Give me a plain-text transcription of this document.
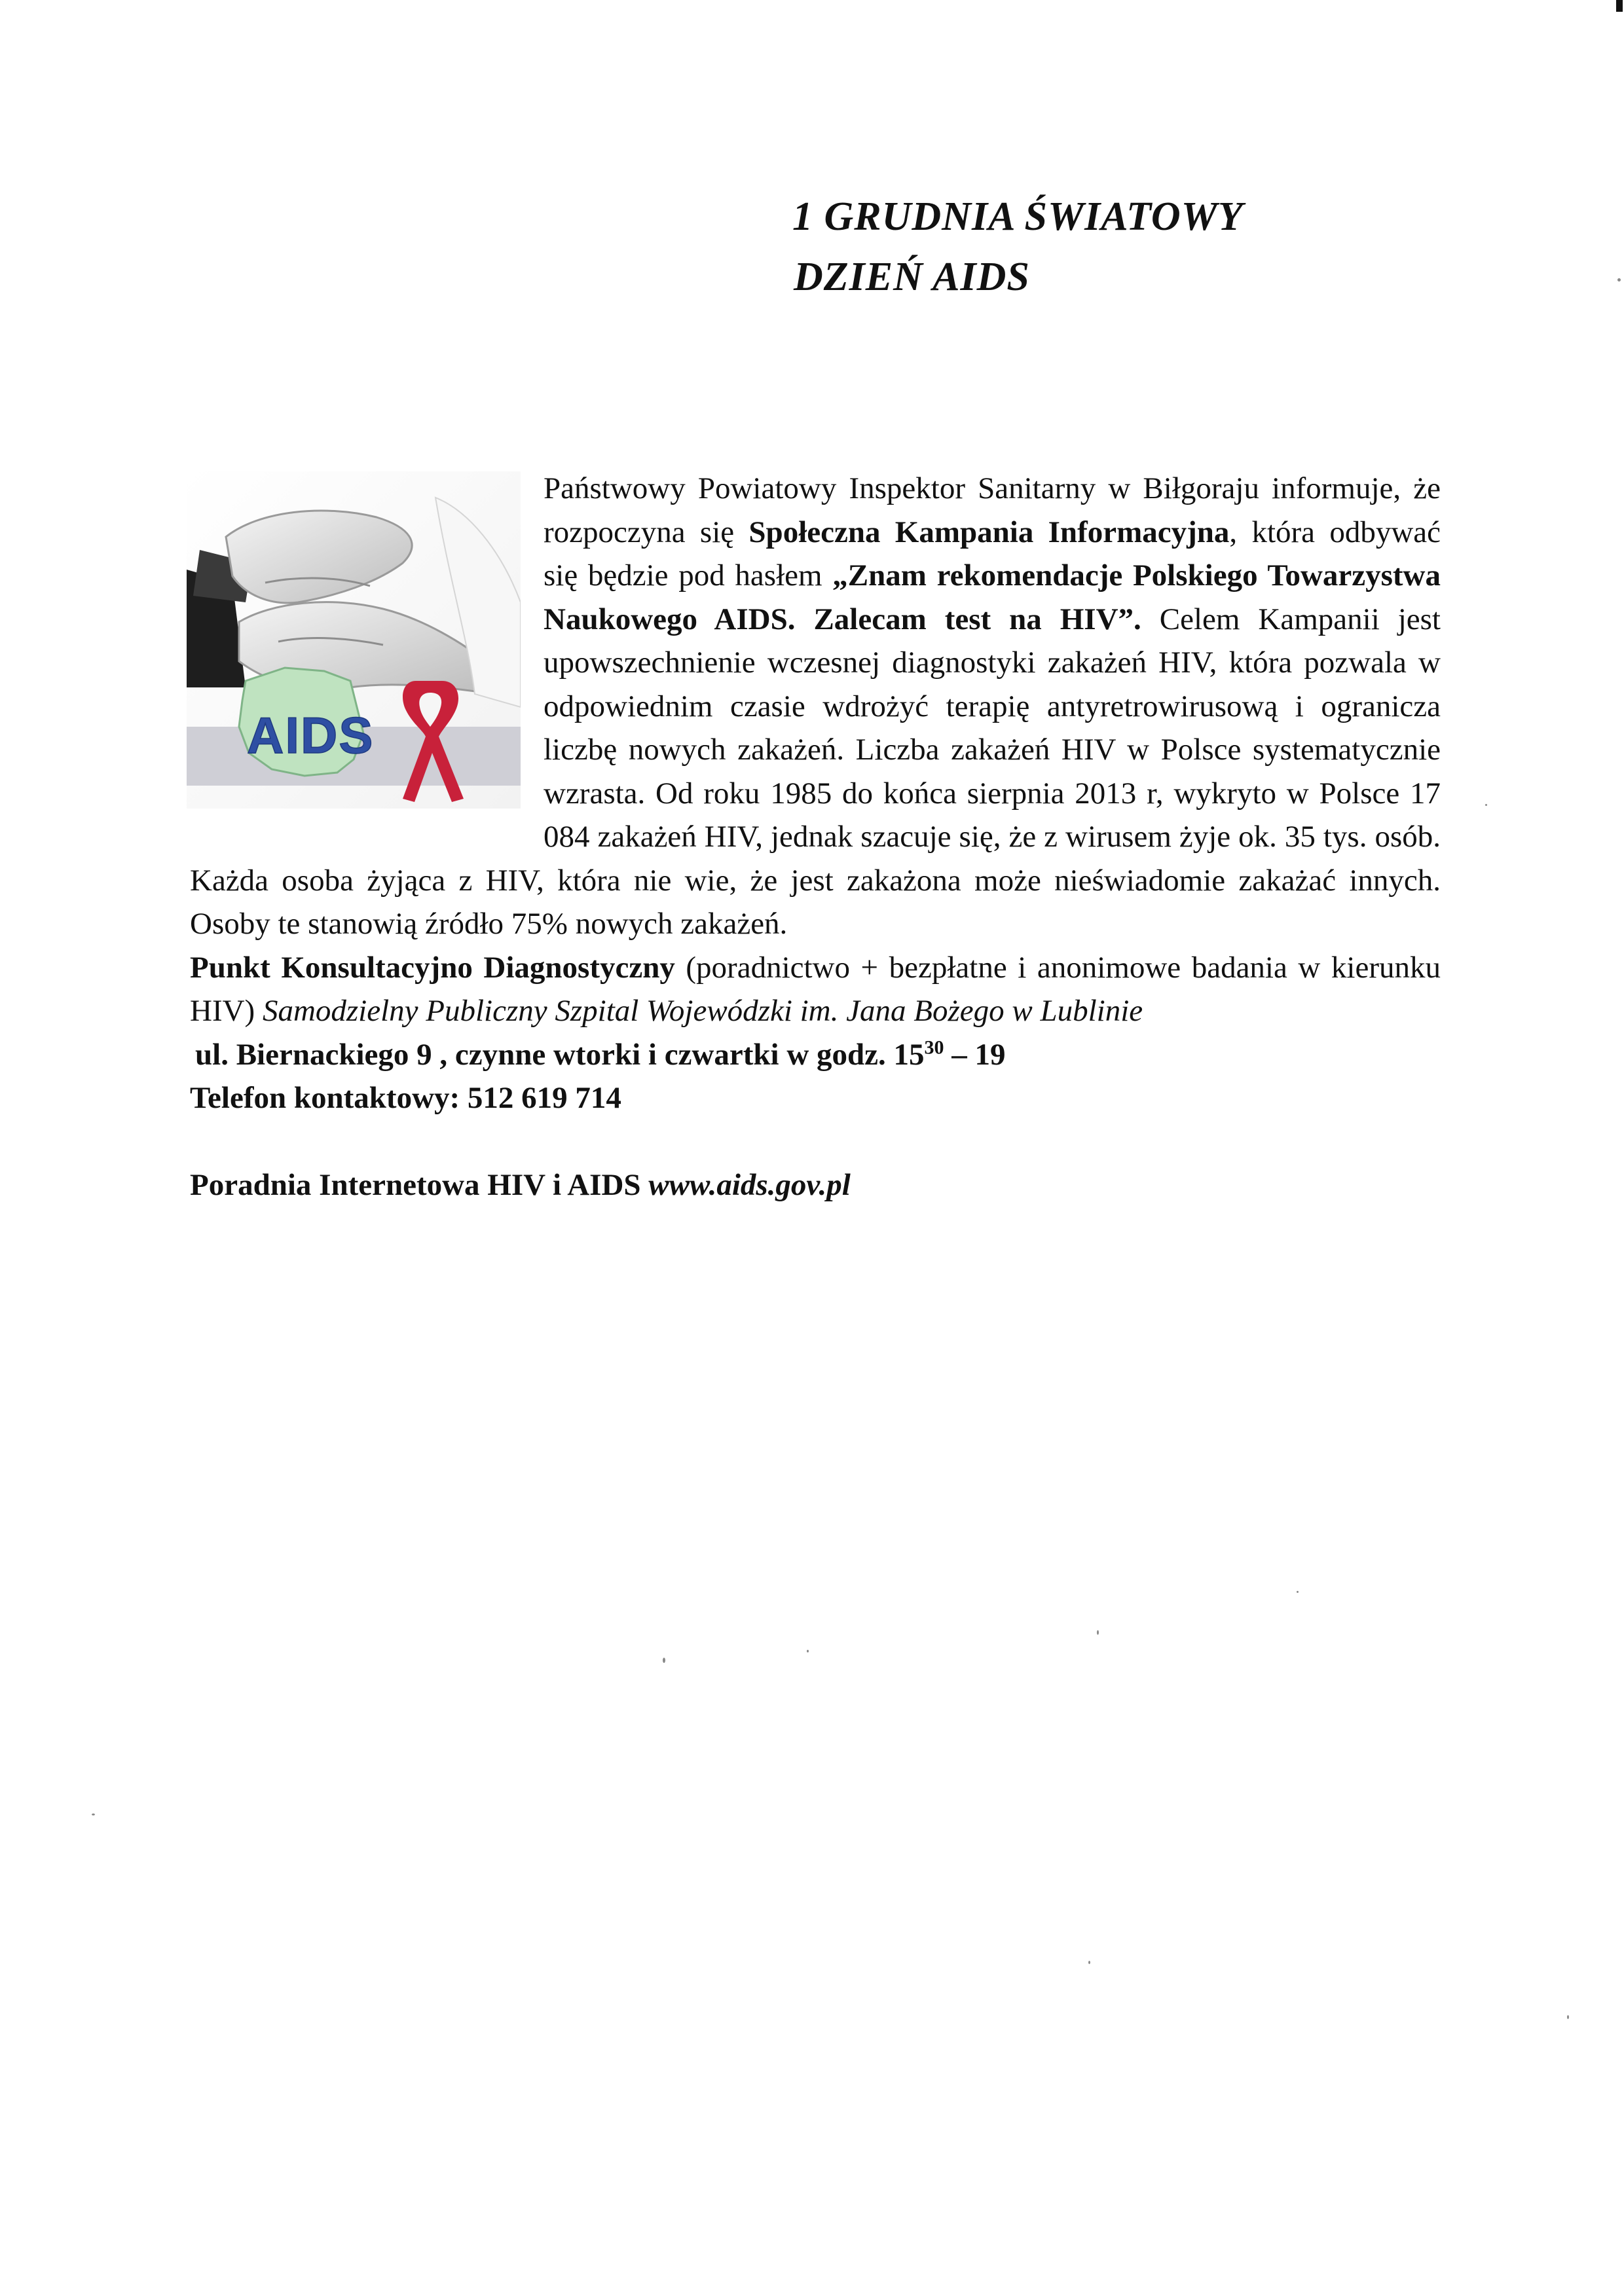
1 GRUDNIA ŚWIATOWY
DZIEŃ AIDS
AIDS

Państwowy Powiatowy Inspektor Sanitarny w Biłgoraju informuje, że rozpoczyna się Społeczna Kampania Informacyjna, która odbywać się będzie pod hasłem „Znam rekomendacje Polskiego Towarzystwa Naukowego AIDS. Zalecam test na HIV”. Celem Kampanii jest upowszechnienie wczesnej diagnostyki zakażeń HIV, która pozwala w odpowiednim czasie wdrożyć terapię antyretrowirusową i ogranicza liczbę nowych zakażeń. Liczba zakażeń HIV w Polsce systematycznie wzrasta. Od roku 1985 do końca sierpnia 2013 r, wykryto w Polsce 17 084 zakażeń HIV, jednak szacuje się, że z wirusem żyje ok. 35 tys. osób. Każda osoba żyjąca z HIV, która nie wie, że jest zakażona może nieświadomie zakażać innych. Osoby te stanowią źródło 75% nowych zakażeń.

Punkt Konsultacyjno Diagnostyczny (poradnictwo + bezpłatne i anonimowe badania w kierunku HIV) Samodzielny Publiczny Szpital Wojewódzki im. Jana Bożego w Lublinie

ul. Biernackiego 9 , czynne wtorki i czwartki w godz. $15^{30} - 19$

Telefon kontaktowy: 512 619 714

Poradnia Internetowa HIV i AIDS www.aids.gov.pl
